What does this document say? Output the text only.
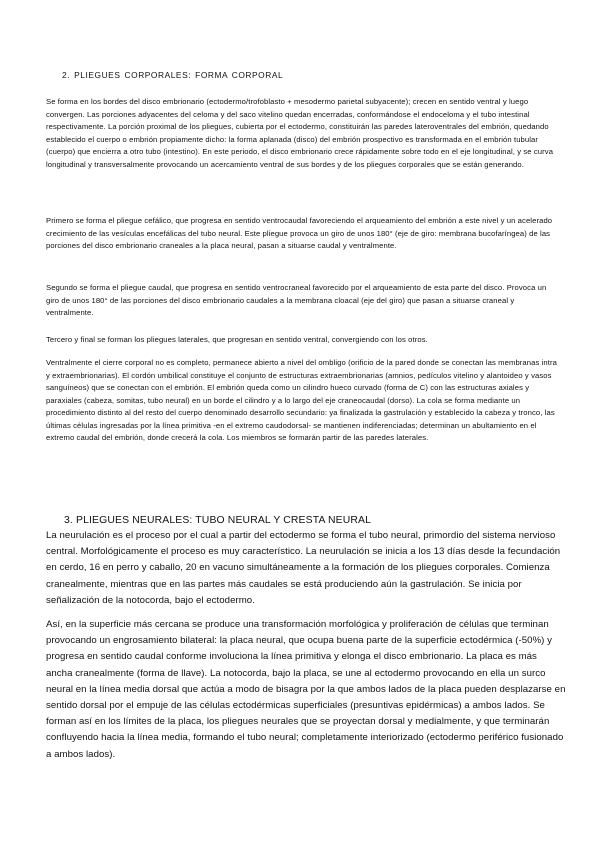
2. PLIEGUES CORPORALES: FORMA CORPORAL

Se forma en los bordes del disco embrionario (ectodermo/trofoblasto + mesodermo parietal subyacente); crecen en sentido ventral y luego convergen. Las porciones adyacentes del celoma y del saco vitelino quedan encerradas, conformándose el endoceloma y el tubo intestinal respectivamente. La porción proximal de los pliegues, cubierta por el ectodermo, constituirán las paredes lateroventrales del embrión, quedando establecido el cuerpo o embrión propiamente dicho: la forma aplanada (disco) del embrión prospectivo es transformada en el embrión tubular (cuerpo) que encierra a otro tubo (intestino). En este periodo, el disco embrionario crece rápidamente sobre todo en el eje longitudinal, y se curva longitudinal y transversalmente provocando un acercamiento ventral de sus bordes y de los pliegues corporales que se están generando.

Primero se forma el pliegue cefálico, que progresa en sentido ventrocaudal favoreciendo el arqueamiento del embrión a este nivel y un acelerado crecimiento de las vesículas encefálicas del tubo neural. Este pliegue provoca un giro de unos 180° (eje de giro: membrana bucofaríngea) de las porciones del disco embrionario craneales a la placa neural, pasan a situarse caudal y ventralmente.

Segundo se forma el pliegue caudal, que progresa en sentido ventrocraneal favorecido por el arqueamiento de esta parte del disco. Provoca un giro de unos 180° de las porciones del disco embrionario caudales a la membrana cloacal (eje del giro) que pasan a situarse craneal y ventralmente.

Tercero y final se forman los pliegues laterales, que progresan en sentido ventral, convergiendo con los otros.

Ventralmente el cierre corporal no es completo, permanece abierto a nivel del ombligo (orificio de la pared donde se conectan las membranas intra y extraembrionarias). El cordón umbilical constituye el conjunto de estructuras extraembrionarias (amnios, pedículos vitelino y alantoideo y vasos sanguíneos) que se conectan con el embrión. El embrión queda como un cilindro hueco curvado (forma de C) con las estructuras axiales y paraxiales (cabeza, somitas, tubo neural) en un borde el cilindro y a lo largo del eje craneocaudal (dorso). La cola se forma mediante un procedimiento distinto al del resto del cuerpo denominado desarrollo secundario: ya finalizada la gastrulación y establecido la cabeza y tronco, las últimas células ingresadas por la línea primitiva -en el extremo caudodorsal- se mantienen indiferenciadas; determinan un abultamiento en el extremo caudal del embrión, donde crecerá la cola. Los miembros se formarán partir de las paredes laterales.

3. PLIEGUES NEURALES: TUBO NEURAL Y CRESTA NEURAL

La neurulación es el proceso por el cual a partir del ectodermo se forma el tubo neural, primordio del sistema nervioso central. Morfológicamente el proceso es muy característico. La neurulación se inicia a los 13 días desde la fecundación en cerdo, 16 en perro y caballo, 20 en vacuno simultáneamente a la formación de los pliegues corporales. Comienza cranealmente, mientras que en las partes más caudales se está produciendo aún la gastrulación. Se inicia por señalización de la notocorda, bajo el ectodermo.

Así, en la superficie más cercana se produce una transformación morfológica y proliferación de células que terminan provocando un engrosamiento bilateral: la placa neural, que ocupa buena parte de la superficie ectodérmica (-50%) y progresa en sentido caudal conforme involuciona la línea primitiva y elonga el disco embrionario. La placa es más ancha cranealmente (forma de llave). La notocorda, bajo la placa, se une al ectodermo provocando en ella un surco neural en la línea media dorsal que actúa a modo de bisagra por la que ambos lados de la placa pueden desplazarse en sentido dorsal por el empuje de las células ectodérmicas superficiales (presuntivas epidérmicas) a ambos lados. Se forman así en los límites de la placa, los pliegues neurales que se proyectan dorsal y medialmente, y que terminarán confluyendo hacia la línea media, formando el tubo neural; completamente interiorizado (ectodermo periférico fusionado a ambos lados).
